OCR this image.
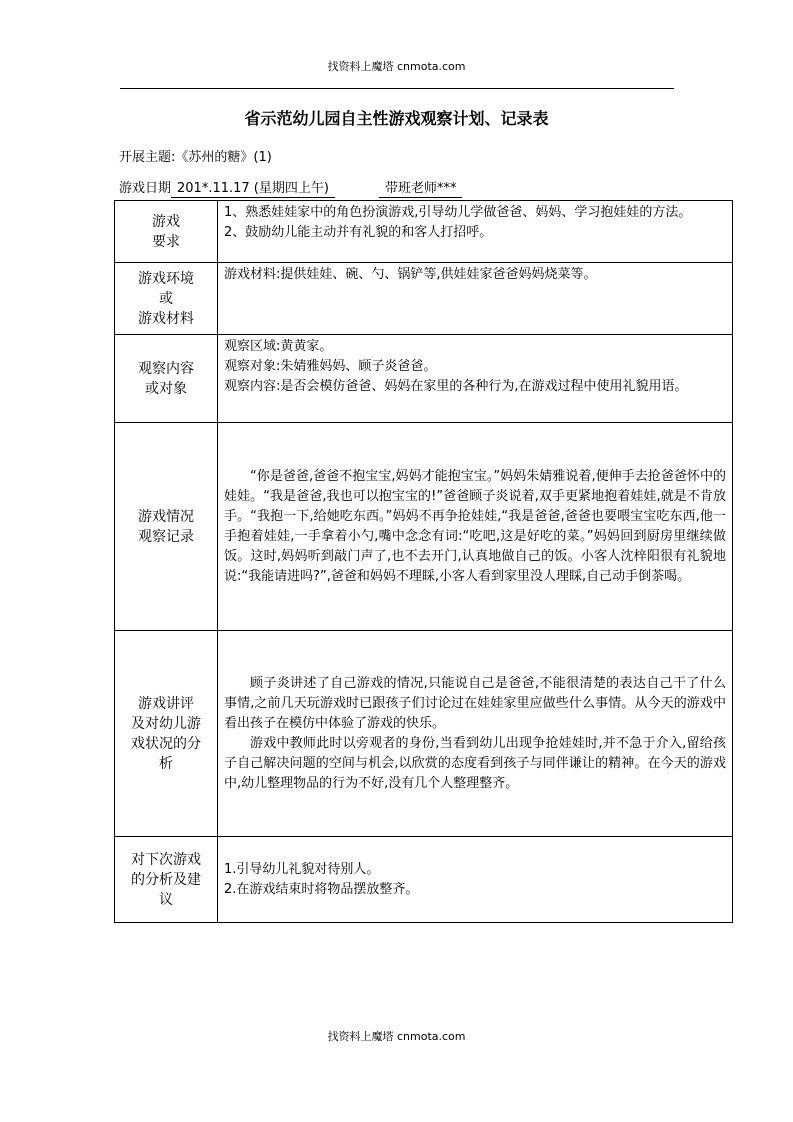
找资料上魔塔 cnmota.com
省示范幼儿园自主性游戏观察计划、记录表
开展主题:《苏州的糖》(1)
游戏日期 201*.11.17 (星期四上午)	带班老师***
游戏
要求	1、熟悉娃娃家中的角色扮演游戏,引导幼儿学做爸爸、妈妈、学习抱娃娃的方法。
2、鼓励幼儿能主动并有礼貌的和客人打招呼。

游戏环境
或
游戏材料	游戏材料:提供娃娃、碗、勺、锅铲等,供娃娃家爸爸妈妈烧菜等。

观察内容
或对象	观察区域:黄黄家。
观察对象:朱婧雅妈妈、顾子炎爸爸。
观察内容:是否会模仿爸爸、妈妈在家里的各种行为,在游戏过程中使用礼貌用语。

游戏情况
观察记录	“你是爸爸,爸爸不抱宝宝,妈妈才能抱宝宝。”妈妈朱婧雅说着,便伸手去抢爸爸怀中的娃娃。“我是爸爸,我也可以抱宝宝的!”爸爸顾子炎说着,双手更紧地抱着娃娃,就是不肯放手。“我抱一下,给她吃东西。”妈妈不再争抢娃娃,“我是爸爸,爸爸也要喂宝宝吃东西,他一手抱着娃娃,一手拿着小勺,嘴中念念有词:“吃吧,这是好吃的菜。”妈妈回到厨房里继续做饭。这时,妈妈听到敲门声了,也不去开门,认真地做自己的饭。小客人沈梓阳很有礼貌地说:“我能请进吗?”,爸爸和妈妈不理睬,小客人看到家里没人理睬,自己动手倒茶喝。

游戏讲评
及对幼儿游
戏状况的分
析	顾子炎讲述了自己游戏的情况,只能说自己是爸爸,不能很清楚的表达自己干了什么事情,之前几天玩游戏时已跟孩子们讨论过在娃娃家里应做些什么事情。从今天的游戏中看出孩子在模仿中体验了游戏的快乐。
游戏中教师此时以旁观者的身份,当看到幼儿出现争抢娃娃时,并不急于介入,留给孩子自己解决问题的空间与机会,以欣赏的态度看到孩子与同伴谦让的精神。在今天的游戏中,幼儿整理物品的行为不好,没有几个人整理整齐。

对下次游戏
的分析及建
议	1.引导幼儿礼貌对待别人。
2.在游戏结束时将物品摆放整齐。
找资料上魔塔 cnmota.com
